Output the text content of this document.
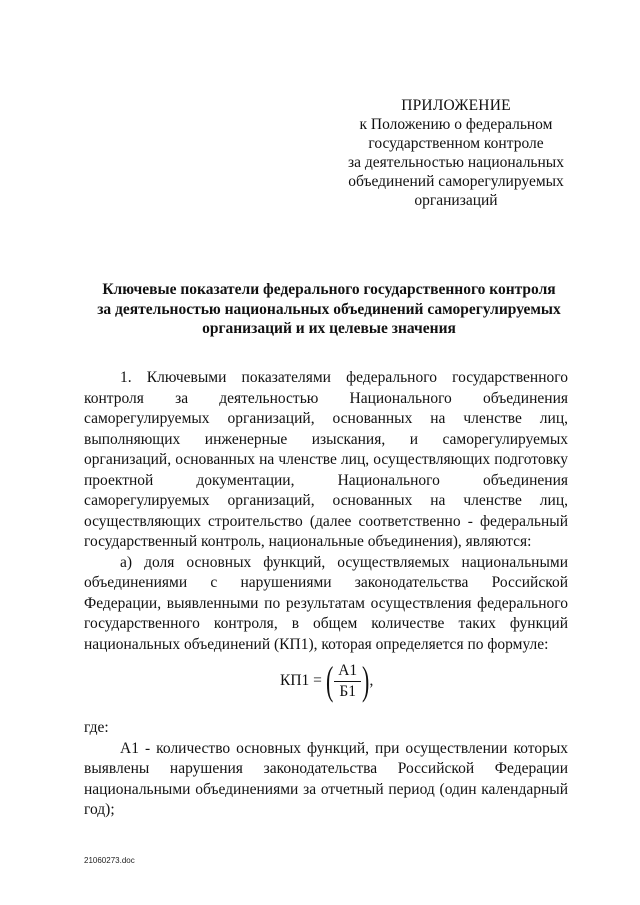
ПРИЛОЖЕНИЕ
к Положению о федеральном
государственном контроле
за деятельностью национальных
объединений саморегулируемых
организаций
Ключевые показатели федерального государственного контроля
за деятельностью национальных объединений саморегулируемых
организаций и их целевые значения

1. Ключевыми показателями федерального государственного контроля за деятельностью Национального объединения саморегулируемых организаций, основанных на членстве лиц, выполняющих инженерные изыскания, и саморегулируемых организаций, основанных на членстве лиц, осуществляющих подготовку проектной документации, Национального объединения саморегулируемых организаций, основанных на членстве лиц, осуществляющих строительство (далее соответственно - федеральный государственный контроль, национальные объединения), являются:

а) доля основных функций, осуществляемых национальными объединениями с нарушениями законодательства Российской Федерации, выявленными по результатам осуществления федерального государственного контроля, в общем количестве таких функций национальных объединений (КП1), которая определяется по формуле:

КП1 = ( $\frac{А1}{Б1}$ ) ,
где:

А1 - количество основных функций, при осуществлении которых выявлены нарушения законодательства Российской Федерации национальными объединениями за отчетный период (один календарный год);

21060273.doc
